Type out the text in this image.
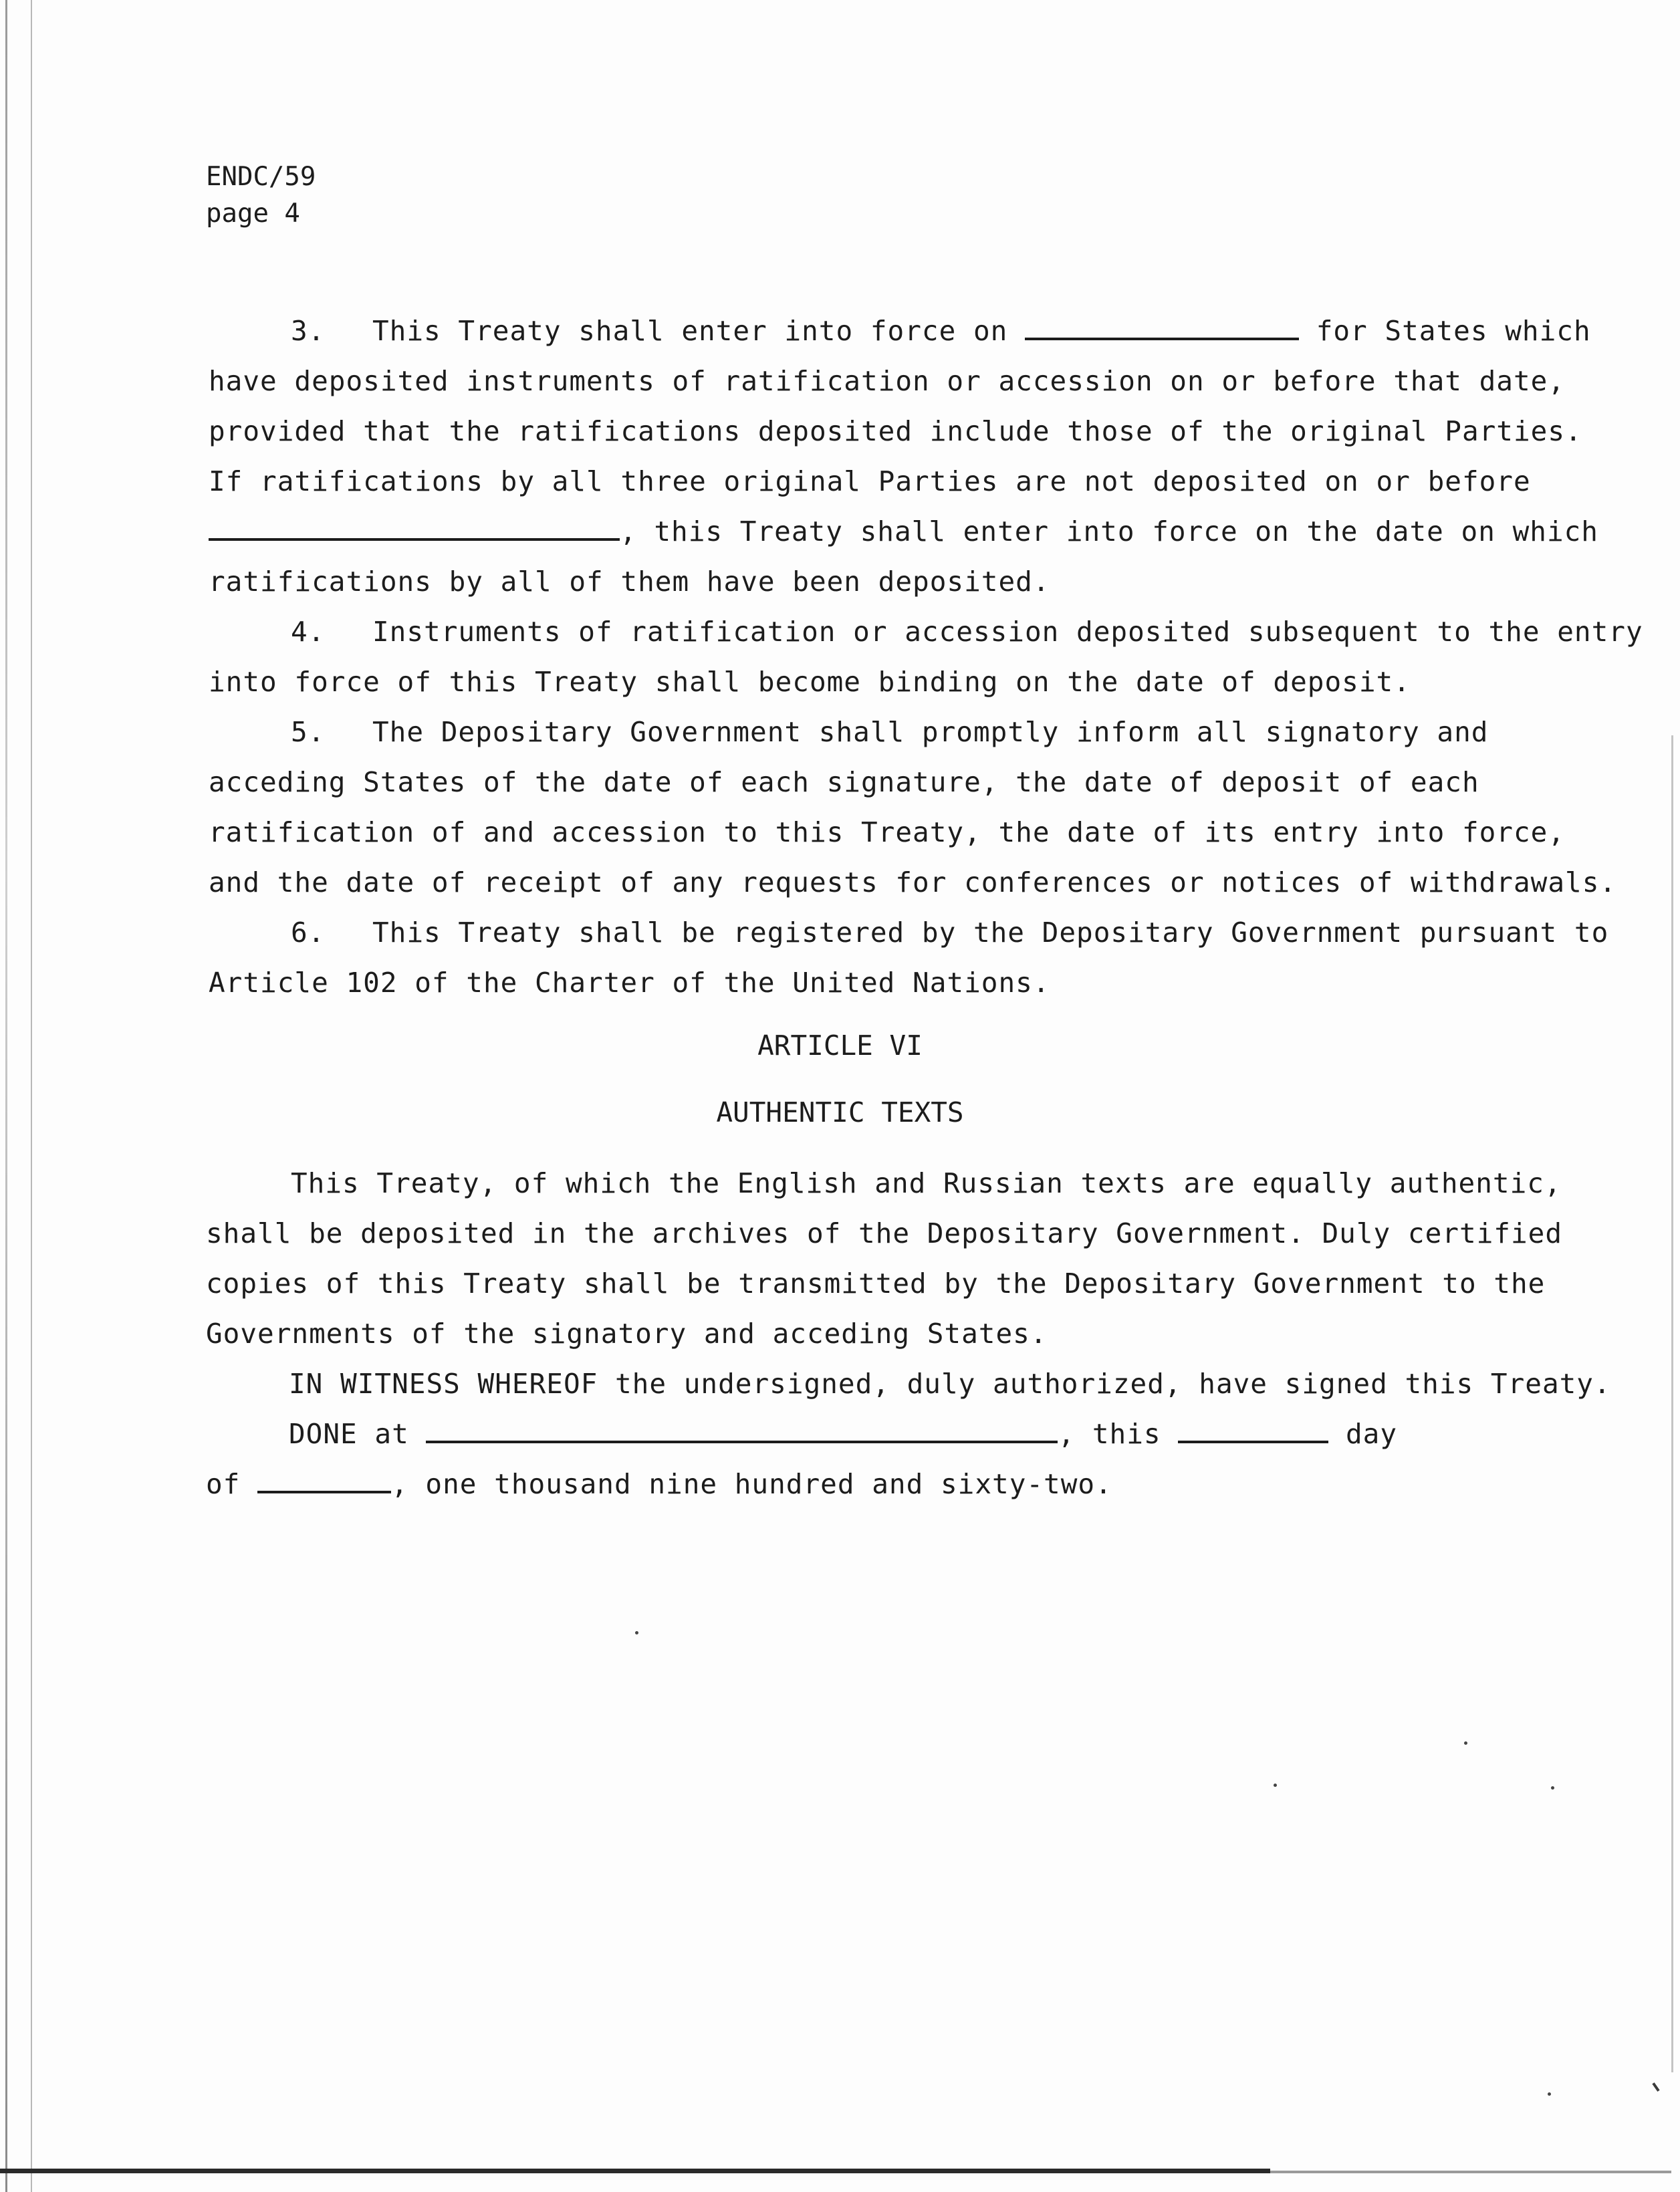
ENDC/59
page 4
3. This Treaty shall enter into force on	for States which
have deposited instruments of ratification or accession on or before that date,
provided that the ratifications deposited include those of the original Parties.
If ratifications by all three original Parties are not deposited on or before
, this Treaty shall enter into force on the date on which
ratifications by all of them have been deposited.
4. Instruments of ratification or accession deposited subsequent to the entry
into force of this Treaty shall become binding on the date of deposit.
5. The Depositary Government shall promptly inform all signatory and
acceding States of the date of each signature, the date of deposit of each
ratification of and accession to this Treaty, the date of its entry into force,
and the date of receipt of any requests for conferences or notices of withdrawals.
6. This Treaty shall be registered by the Depositary Government pursuant to
Article 102 of the Charter of the United Nations.
ARTICLE VI
AUTHENTIC TEXTS
This Treaty, of which the English and Russian texts are equally authentic,
shall be deposited in the archives of the Depositary Government. Duly certified
copies of this Treaty shall be transmitted by the Depositary Government to the
Governments of the signatory and acceding States.
IN WITNESS WHEREOF the undersigned, duly authorized, have signed this Treaty.
DONE at	, this	day
of	, one thousand nine hundred and sixty-two.
